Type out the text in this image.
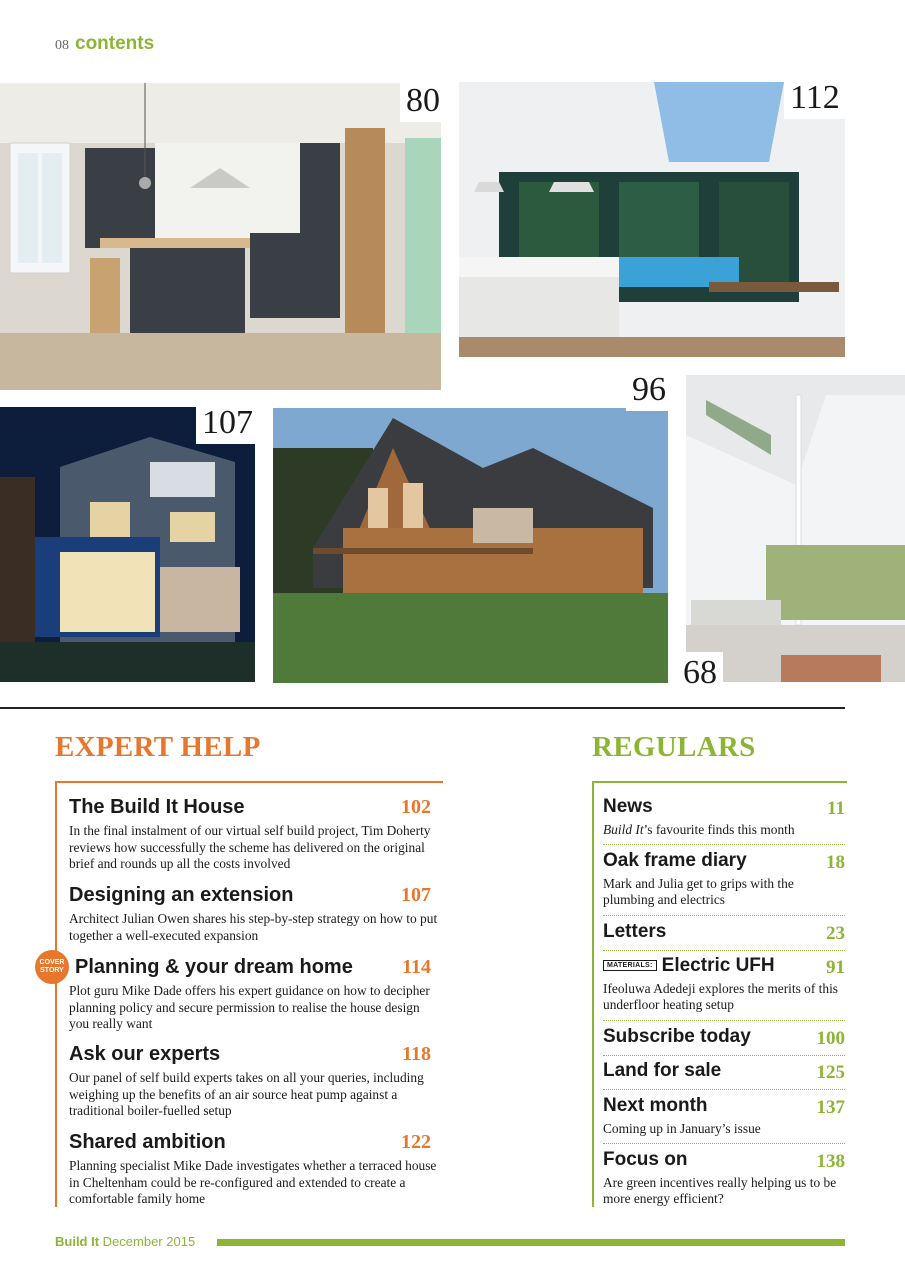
08 contents
80	112
107
96
68
EXPERT HELP	REGULARS
The Build It House	102
In the final instalment of our virtual self build project, Tim Doherty reviews how successfully the scheme has delivered on the original brief and rounds up all the costs involved
Designing an extension	107
Architect Julian Owen shares his step-by-step strategy on how to put together a well-executed expansion
COVER
STORY Planning & your dream home	114
Plot guru Mike Dade offers his expert guidance on how to decipher planning policy and secure permission to realise the house design you really want
Ask our experts	118
Our panel of self build experts takes on all your queries, including weighing up the benefits of an air source heat pump against a traditional boiler-fuelled setup
Shared ambition	122
Planning specialist Mike Dade investigates whether a terraced house in Cheltenham could be re-configured and extended to create a comfortable family home
News	11
Build It’s favourite finds this month
Oak frame diary	18
Mark and Julia get to grips with the plumbing and electrics
Letters	23
MATERIALS: Electric UFH	91
Ifeoluwa Adedeji explores the merits of this underfloor heating setup
Subscribe today	100
Land for sale	125
Next month	137
Coming up in January’s issue
Focus on	138
Are green incentives really helping us to be more energy efficient?
Build It December 2015
